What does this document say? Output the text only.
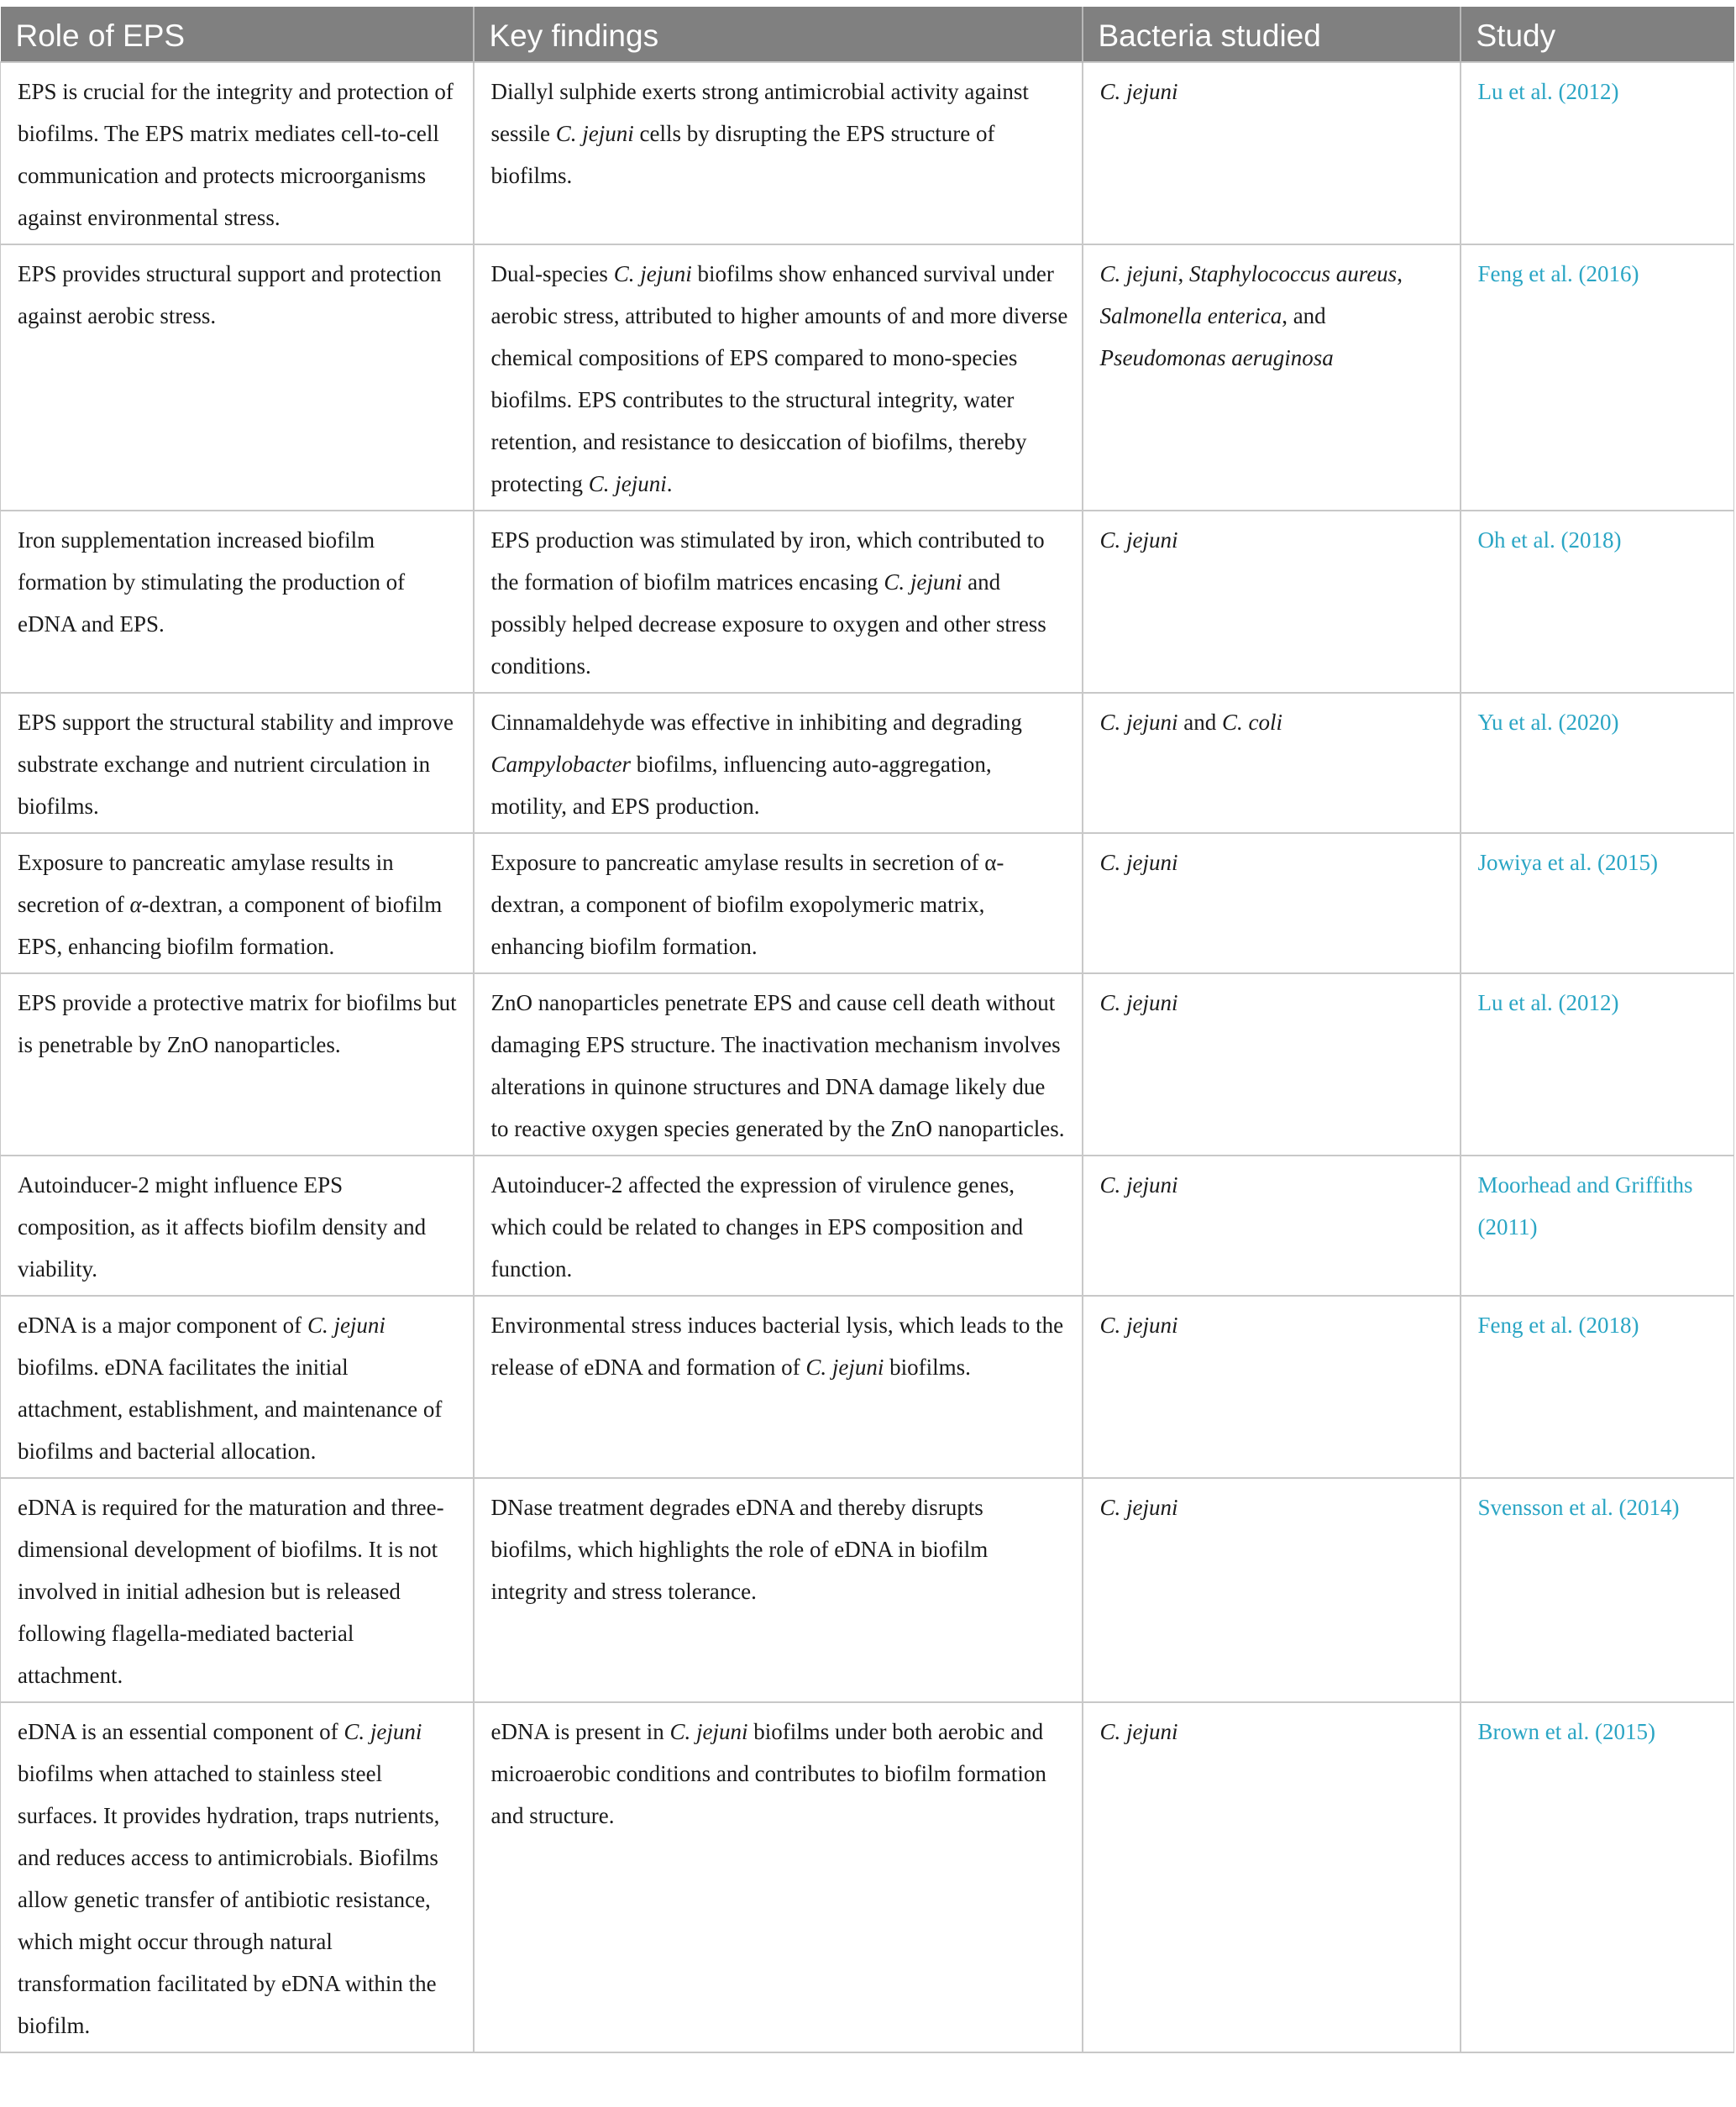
Role of EPS	Key findings	Bacteria studied	Study
EPS is crucial for the integrity and protection of biofilms. The EPS matrix mediates cell-to-cell communication and protects microorganisms against environmental stress.	Diallyl sulphide exerts strong antimicrobial activity against sessile C. jejuni cells by disrupting the EPS structure of biofilms.	C. jejuni	Lu et al. (2012)
EPS provides structural support and protection against aerobic stress.	Dual-species C. jejuni biofilms show enhanced survival under aerobic stress, attributed to higher amounts of and more diverse chemical compositions of EPS compared to mono-species biofilms. EPS contributes to the structural integrity, water retention, and resistance to desiccation of biofilms, thereby protecting C. jejuni.	C. jejuni, Staphylococcus aureus, Salmonella enterica, and Pseudomonas aeruginosa	Feng et al. (2016)
Iron supplementation increased biofilm formation by stimulating the production of eDNA and EPS.	EPS production was stimulated by iron, which contributed to the formation of biofilm matrices encasing C. jejuni and possibly helped decrease exposure to oxygen and other stress conditions.	C. jejuni	Oh et al. (2018)
EPS support the structural stability and improve substrate exchange and nutrient circulation in biofilms.	Cinnamaldehyde was effective in inhibiting and degrading Campylobacter biofilms, influencing auto-aggregation, motility, and EPS production.	C. jejuni and C. coli	Yu et al. (2020)
Exposure to pancreatic amylase results in secretion of α-dextran, a component of biofilm EPS, enhancing biofilm formation.	Exposure to pancreatic amylase results in secretion of α-dextran, a component of biofilm exopolymeric matrix, enhancing biofilm formation.	C. jejuni	Jowiya et al. (2015)
EPS provide a protective matrix for biofilms but is penetrable by ZnO nanoparticles.	ZnO nanoparticles penetrate EPS and cause cell death without damaging EPS structure. The inactivation mechanism involves alterations in quinone structures and DNA damage likely due to reactive oxygen species generated by the ZnO nanoparticles.	C. jejuni	Lu et al. (2012)
Autoinducer-2 might influence EPS composition, as it affects biofilm density and viability.	Autoinducer-2 affected the expression of virulence genes, which could be related to changes in EPS composition and function.	C. jejuni	Moorhead and Griffiths (2011)
eDNA is a major component of C. jejuni biofilms. eDNA facilitates the initial attachment, establishment, and maintenance of biofilms and bacterial allocation.	Environmental stress induces bacterial lysis, which leads to the release of eDNA and formation of C. jejuni biofilms.	C. jejuni	Feng et al. (2018)
eDNA is required for the maturation and three-dimensional development of biofilms. It is not involved in initial adhesion but is released following flagella-mediated bacterial attachment.	DNase treatment degrades eDNA and thereby disrupts biofilms, which highlights the role of eDNA in biofilm integrity and stress tolerance.	C. jejuni	Svensson et al. (2014)
eDNA is an essential component of C. jejuni biofilms when attached to stainless steel surfaces. It provides hydration, traps nutrients, and reduces access to antimicrobials. Biofilms allow genetic transfer of antibiotic resistance, which might occur through natural transformation facilitated by eDNA within the biofilm.	eDNA is present in C. jejuni biofilms under both aerobic and microaerobic conditions and contributes to biofilm formation and structure.	C. jejuni	Brown et al. (2015)
